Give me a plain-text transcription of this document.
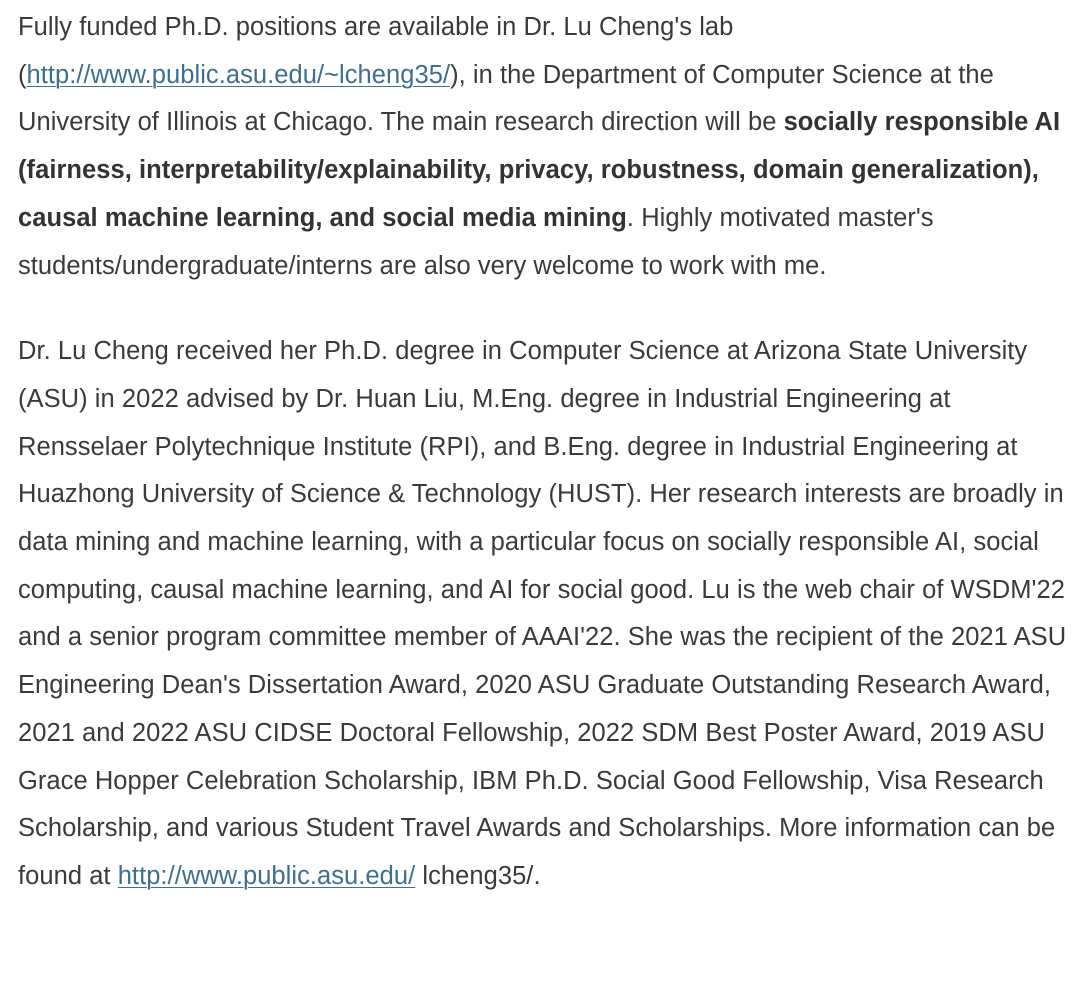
Fully funded Ph.D. positions are available in Dr. Lu Cheng's lab (http://www.public.asu.edu/~lcheng35/), in the Department of Computer Science at the University of Illinois at Chicago. The main research direction will be socially responsible AI (fairness, interpretability/explainability, privacy, robustness, domain generalization), causal machine learning, and social media mining. Highly motivated master's students/undergraduate/interns are also very welcome to work with me.

Dr. Lu Cheng received her Ph.D. degree in Computer Science at Arizona State University (ASU) in 2022 advised by Dr. Huan Liu, M.Eng. degree in Industrial Engineering at Rensselaer Polytechnique Institute (RPI), and B.Eng. degree in Industrial Engineering at Huazhong University of Science & Technology (HUST). Her research interests are broadly in data mining and machine learning, with a particular focus on socially responsible AI, social computing, causal machine learning, and AI for social good. Lu is the web chair of WSDM'22 and a senior program committee member of AAAI'22. She was the recipient of the 2021 ASU Engineering Dean's Dissertation Award, 2020 ASU Graduate Outstanding Research Award, 2021 and 2022 ASU CIDSE Doctoral Fellowship, 2022 SDM Best Poster Award, 2019 ASU Grace Hopper Celebration Scholarship, IBM Ph.D. Social Good Fellowship, Visa Research Scholarship, and various Student Travel Awards and Scholarships. More information can be found at http://www.public.asu.edu/ lcheng35/.
